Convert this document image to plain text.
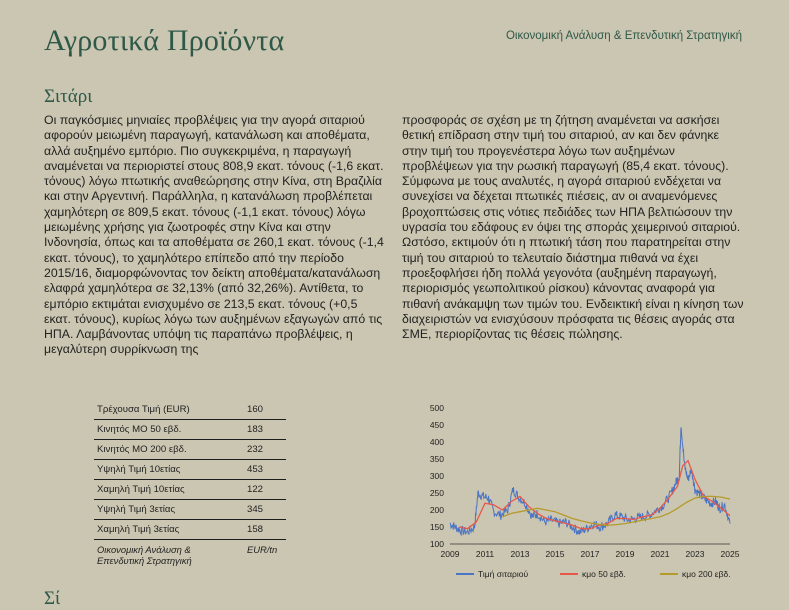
Αγροτικά Προϊόντα	Οικονομική Ανάλυση & Επενδυτική Στρατηγική
Σιτάρι
Οι παγκόσμιες μηνιαίες προβλέψεις για την αγορά σιταριού αφορούν μειωμένη παραγωγή, κατανάλωση και αποθέματα, αλλά αυξημένο εμπόριο. Πιο συγκεκριμένα, η παραγωγή αναμένεται να περιοριστεί στους 808,9 εκατ. τόνους (-1,6 εκατ. τόνους) λόγω πτωτικής αναθεώρησης στην Κίνα, στη Βραζιλία και στην Αργεντινή. Παράλληλα, η κατανάλωση προβλέπεται χαμηλότερη σε 809,5 εκατ. τόνους (-1,1 εκατ. τόνους) λόγω μειωμένης χρήσης για ζωοτροφές στην Κίνα και στην Ινδονησία, όπως και τα αποθέματα σε 260,1 εκατ. τόνους (-1,4 εκατ. τόνους), το χαμηλότερο επίπεδο από την περίοδο 2015/16, διαμορφώνοντας τον δείκτη αποθέματα/κατανάλωση ελαφρά χαμηλότερα σε 32,13% (από 32,26%). Αντίθετα, το εμπόριο εκτιμάται ενισχυμένο σε 213,5 εκατ. τόνους (+0,5 εκατ. τόνους), κυρίως λόγω των αυξημένων εξαγωγών από τις ΗΠΑ. Λαμβάνοντας υπόψη τις παραπάνω προβλέψεις, η μεγαλύτερη συρρίκνωση της
προσφοράς σε σχέση με τη ζήτηση αναμένεται να ασκήσει θετική επίδραση στην τιμή του σιταριού, αν και δεν φάνηκε στην τιμή του προγενέστερα λόγω των αυξημένων προβλέψεων για την ρωσική παραγωγή (85,4 εκατ. τόνους). Σύμφωνα με τους αναλυτές, η αγορά σιταριού ενδέχεται να συνεχίσει να δέχεται πτωτικές πιέσεις, αν οι αναμενόμενες βροχοπτώσεις στις νότιες πεδιάδες των ΗΠΑ βελτιώσουν την υγρασία του εδάφους εν όψει της σποράς χειμερινού σιταριού. Ωστόσο, εκτιμούν ότι η πτωτική τάση που παρατηρείται στην τιμή του σιταριού το τελευταίο διάστημα πιθανά να έχει προεξοφλήσει ήδη πολλά γεγονότα (αυξημένη παραγωγή, περιορισμός γεωπολιτικού ρίσκου) κάνοντας αναφορά για πιθανή ανάκαμψη των τιμών του. Ενδεικτική είναι η κίνηση των διαχειριστών να ενισχύσουν πρόσφατα τις θέσεις αγοράς στα ΣΜΕ, περιορίζοντας τις θέσεις πώλησης.
Τρέχουσα Τιμή (EUR)	160
Κινητός ΜΟ 50 εβδ.	183
Κινητός ΜΟ 200 εβδ.	232
Υψηλή Τιμή 10ετίας	453
Χαμηλή Τιμή 10ετίας	122
Υψηλή Τιμή 3ετίας	345
Χαμηλή Τιμή 3ετίας	158
Οικονομική Ανάλυση & Επενδυτική Στρατηγική	EUR/tn	100
150
200
250
300
350
400
450
500
2009 2011 2013 2015 2017 2019 2021 2023 2025
Τιμή σιταριού	κμο 50 εβδ.	κμο 200 εβδ.
Σί
